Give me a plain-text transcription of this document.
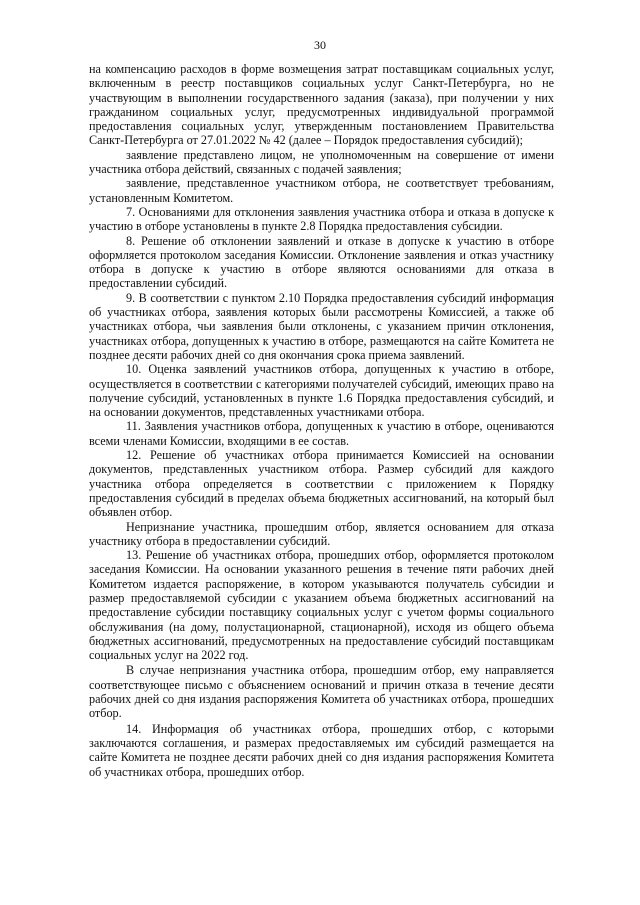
30

на компенсацию расходов в форме возмещения затрат поставщикам социальных услуг, включенным в реестр поставщиков социальных услуг Санкт-Петербурга, но не участвующим в выполнении государственного задания (заказа), при получении у них гражданином социальных услуг, предусмотренных индивидуальной программой предоставления социальных услуг, утвержденным постановлением Правительства Санкт-Петербурга от 27.01.2022 № 42 (далее – Порядок предоставления субсидий);

заявление представлено лицом, не уполномоченным на совершение от имени участника отбора действий, связанных с подачей заявления;

заявление, представленное участником отбора, не соответствует требованиям, установленным Комитетом.

7. Основаниями для отклонения заявления участника отбора и отказа в допуске к участию в отборе установлены в пункте 2.8 Порядка предоставления субсидии.

8. Решение об отклонении заявлений и отказе в допуске к участию в отборе оформляется протоколом заседания Комиссии. Отклонение заявления и отказ участнику отбора в допуске к участию в отборе являются основаниями для отказа в предоставлении субсидий.

9. В соответствии с пунктом 2.10 Порядка предоставления субсидий информация об участниках отбора, заявления которых были рассмотрены Комиссией, а также об участниках отбора, чьи заявления были отклонены, с указанием причин отклонения, участниках отбора, допущенных к участию в отборе, размещаются на сайте Комитета не позднее десяти рабочих дней со дня окончания срока приема заявлений.

10. Оценка заявлений участников отбора, допущенных к участию в отборе, осуществляется в соответствии с категориями получателей субсидий, имеющих право на получение субсидий, установленных в пункте 1.6 Порядка предоставления субсидий, и на основании документов, представленных участниками отбора.

11. Заявления участников отбора, допущенных к участию в отборе, оцениваются всеми членами Комиссии, входящими в ее состав.

12. Решение об участниках отбора принимается Комиссией на основании документов, представленных участником отбора. Размер субсидий для каждого участника отбора определяется в соответствии с приложением к Порядку предоставления субсидий в пределах объема бюджетных ассигнований, на который был объявлен отбор.

Непризнание участника, прошедшим отбор, является основанием для отказа участнику отбора в предоставлении субсидий.

13. Решение об участниках отбора, прошедших отбор, оформляется протоколом заседания Комиссии. На основании указанного решения в течение пяти рабочих дней Комитетом издается распоряжение, в котором указываются получатель субсидии и размер предоставляемой субсидии с указанием объема бюджетных ассигнований на предоставление субсидии поставщику социальных услуг с учетом формы социального обслуживания (на дому, полустационарной, стационарной), исходя из общего объема бюджетных ассигнований, предусмотренных на предоставление субсидий поставщикам социальных услуг на 2022 год.

В случае непризнания участника отбора, прошедшим отбор, ему направляется соответствующее письмо с объяснением оснований и причин отказа в течение десяти рабочих дней со дня издания распоряжения Комитета об участниках отбора, прошедших отбор.

14. Информация об участниках отбора, прошедших отбор, с которыми заключаются соглашения, и размерах предоставляемых им субсидий размещается на сайте Комитета не позднее десяти рабочих дней со дня издания распоряжения Комитета об участниках отбора, прошедших отбор.
